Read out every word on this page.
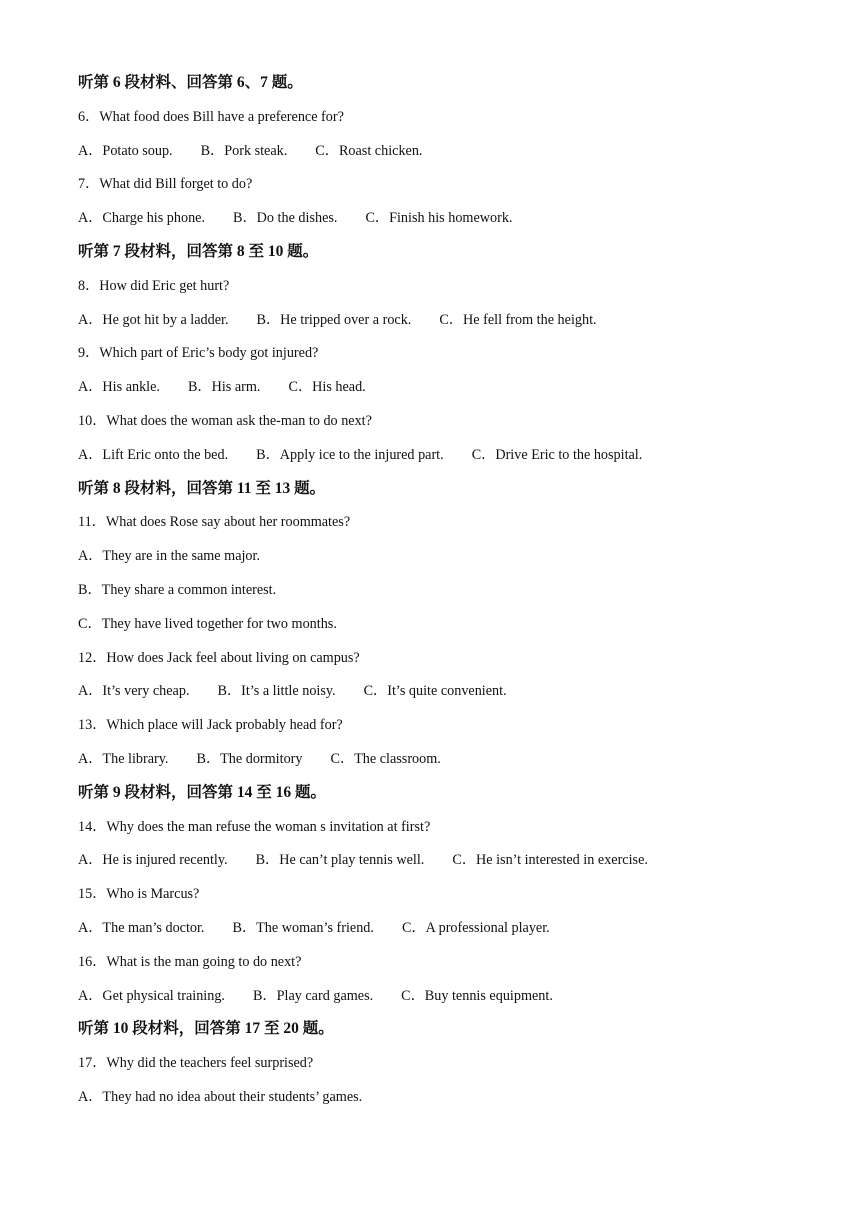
听第 6 段材料、回答第 6、7 题。
6．What food does Bill have a preference for?
A．Potato soup. B．Pork steak. C．Roast chicken.
7．What did Bill forget to do?
A．Charge his phone. B．Do the dishes. C．Finish his homework.
听第 7 段材料，回答第 8 至 10 题。
8．How did Eric get hurt?
A．He got hit by a ladder. B．He tripped over a rock. C．He fell from the height.
9．Which part of Eric’s body got injured?
A．His ankle. B．His arm. C．His head.
10．What does the woman ask the-man to do next?
A．Lift Eric onto the bed. B．Apply ice to the injured part. C．Drive Eric to the hospital.
听第 8 段材料，回答第 11 至 13 题。
11．What does Rose say about her roommates?
A．They are in the same major.
B．They share a common interest.
C．They have lived together for two months.
12．How does Jack feel about living on campus?
A．It’s very cheap. B．It’s a little noisy. C．It’s quite convenient.
13．Which place will Jack probably head for?
A．The library. B．The dormitory C．The classroom.
听第 9 段材料，回答第 14 至 16 题。
14．Why does the man refuse the woman s invitation at first?
A．He is injured recently. B．He can’t play tennis well. C．He isn’t interested in exercise.
15．Who is Marcus?
A．The man’s doctor. B．The woman’s friend. C．A professional player.
16．What is the man going to do next?
A．Get physical training. B．Play card games. C．Buy tennis equipment.
听第 10 段材料，回答第 17 至 20 题。
17．Why did the teachers feel surprised?
A．They had no idea about their students’ games.
